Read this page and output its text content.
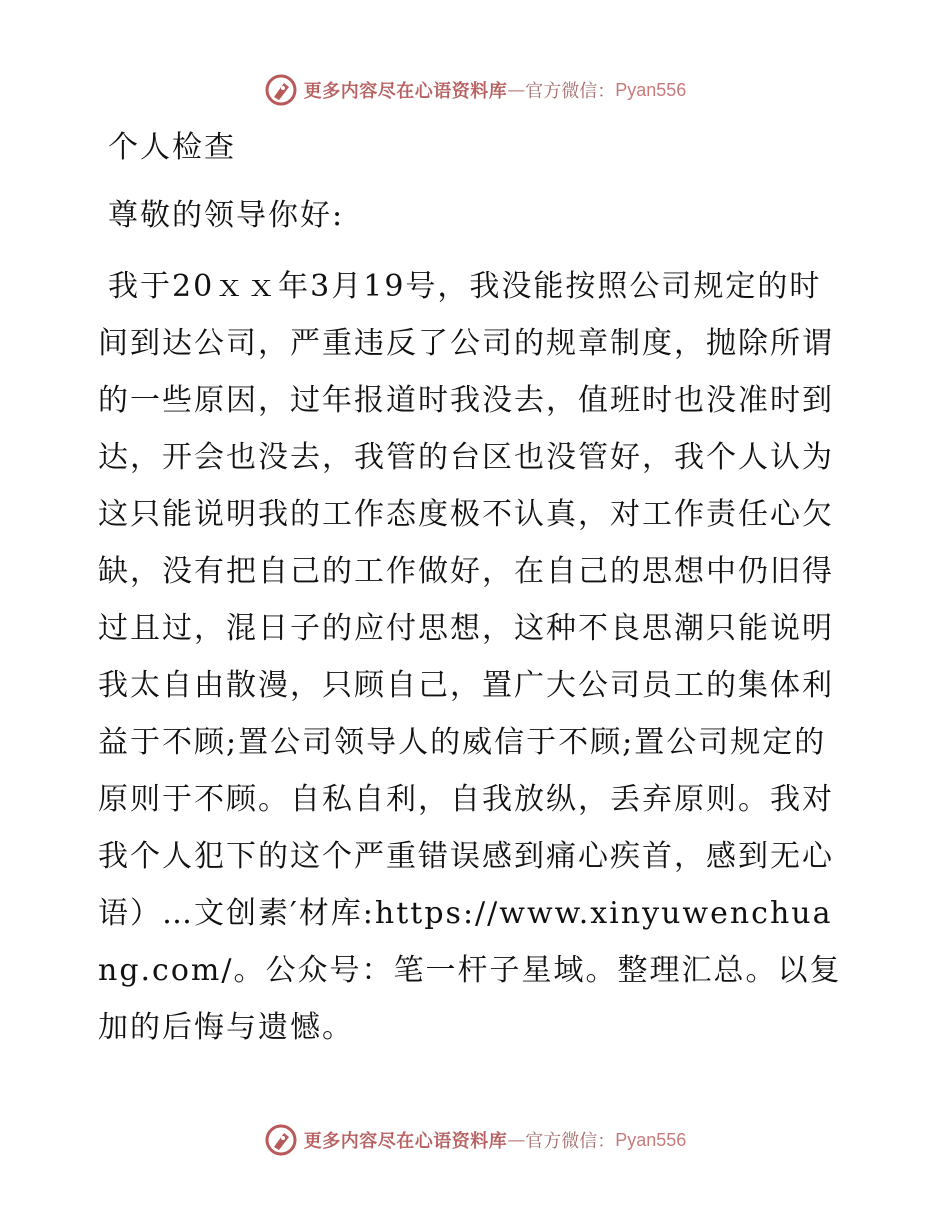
更多内容尽在心语资料库 — 官方微信： Pyan556

个人检查

尊敬的领导你好:

我于20ｘｘ年3月19号，我没能按照公司规定的时间到达公司，严重违反了公司的规章制度，抛除所谓的一些原因，过年报道时我没去，值班时也没准时到达，开会也没去，我管的台区也没管好，我个人认为这只能说明我的工作态度极不认真，对工作责任心欠缺，没有把自己的工作做好，在自己的思想中仍旧得过且过，混日子的应付思想，这种不良思潮只能说明我太自由散漫，只顾自己，置广大公司员工的集体利益于不顾;置公司领导人的威信于不顾;置公司规定的原则于不顾。自私自利，自我放纵，丢弃原则。我对我个人犯下的这个严重错误感到痛心疾首，感到无心语）…文创素′材库:https://www.xinyuwenchuang.com/。公众号：笔一杆子星域。整理汇总。以复加的后悔与遗憾。

更多内容尽在心语资料库 — 官方微信： Pyan556
